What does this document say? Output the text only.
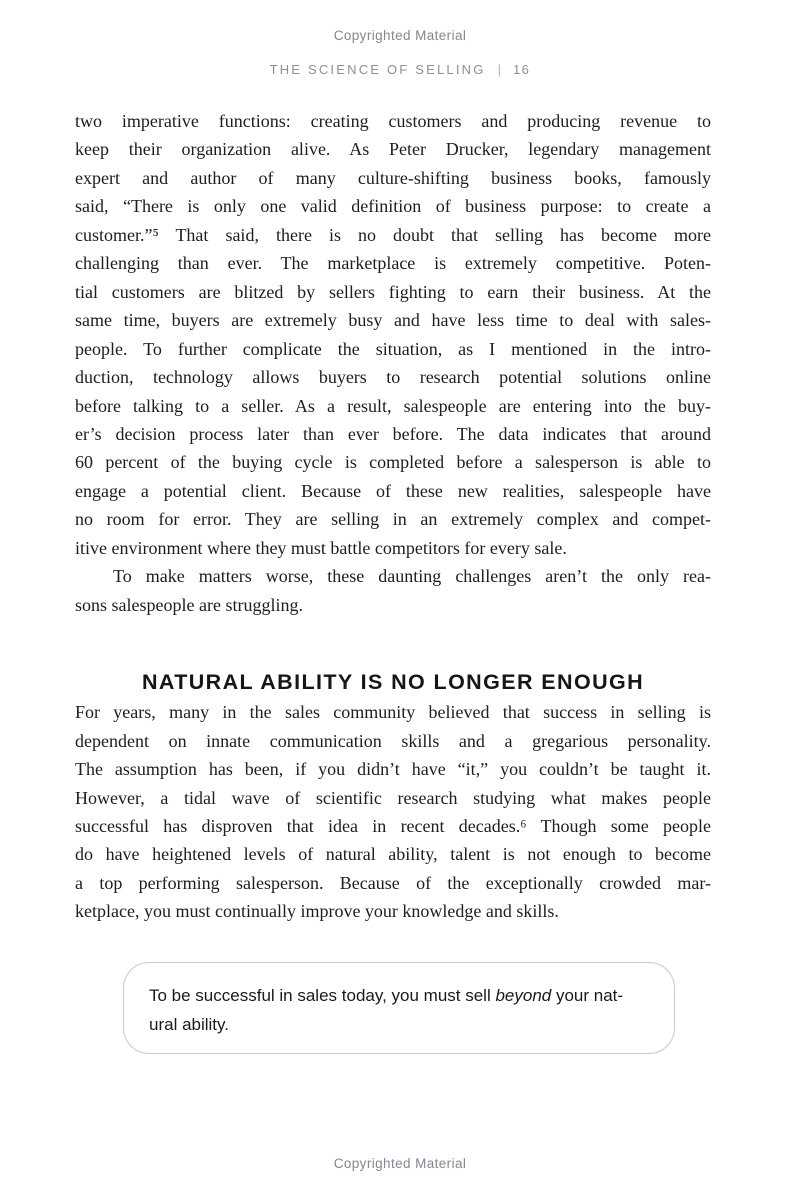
Copyrighted Material
THE SCIENCE OF SELLING | 16
two imperative functions: creating customers and producing revenue to
keep their organization alive. As Peter Drucker, legendary management
expert and author of many culture-shifting business books, famously
said, “There is only one valid definition of business purpose: to create a
customer.”⁵ That said, there is no doubt that selling has become more
challenging than ever. The marketplace is extremely competitive. Poten-
tial customers are blitzed by sellers fighting to earn their business. At the
same time, buyers are extremely busy and have less time to deal with sales-
people. To further complicate the situation, as I mentioned in the intro-
duction, technology allows buyers to research potential solutions online
before talking to a seller. As a result, salespeople are entering into the buy-
er’s decision process later than ever before. The data indicates that around
60 percent of the buying cycle is completed before a salesperson is able to
engage a potential client. Because of these new realities, salespeople have
no room for error. They are selling in an extremely complex and compet-
itive environment where they must battle competitors for every sale.
To make matters worse, these daunting challenges aren’t the only rea-
sons salespeople are struggling.
NATURAL ABILITY IS NO LONGER ENOUGH
For years, many in the sales community believed that success in selling is
dependent on innate communication skills and a gregarious personality.
The assumption has been, if you didn’t have “it,” you couldn’t be taught it.
However, a tidal wave of scientific research studying what makes people
successful has disproven that idea in recent decades.⁶ Though some people
do have heightened levels of natural ability, talent is not enough to become
a top performing salesperson. Because of the exceptionally crowded mar-
ketplace, you must continually improve your knowledge and skills.
To be successful in sales today, you must sell beyond your nat-
ural ability.
Copyrighted Material
